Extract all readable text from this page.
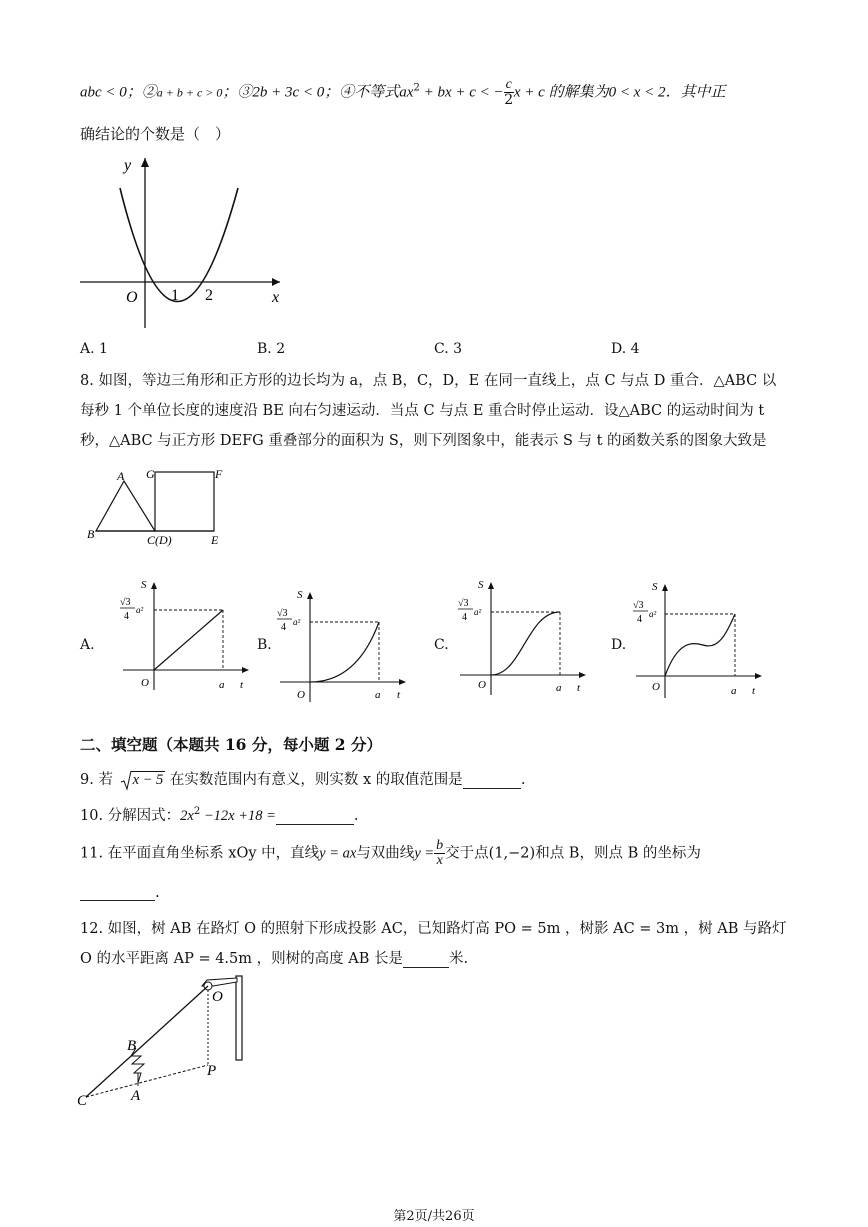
abc < 0；②a + b + c > 0；③2b + 3c < 0；④不等式$ax^2$ + bx + c < − $\frac{c}{2}$ x + c 的解集为0 < x < 2．其中正
确结论的个数是（　）
y
x
O 1 2
A. 1	B. 2	C. 3	D. 4
8. 如图，等边三角形和正方形的边长均为 a，点 B，C，D，E 在同一直线上，点 C 与点 D 重合．△ABC 以
每秒 1 个单位长度的速度沿 BE 向右匀速运动．当点 C 与点 E 重合时停止运动．设△ABC 的运动时间为 t
秒，△ABC 与正方形 DEFG 重叠部分的面积为 S，则下列图象中，能表示 S 与 t 的函数关系的图象大致是
A
B	C(D)	E
F
G
A.	B.	C.	D.
S
√3
4
a²
O	a t
S
√3
4 a²
O	a t
S
√3
4 a²
O	a t
S
√3
4 a²
O	a t
二、填空题（本题共 16 分，每小题 2 分）
9. 若 x − 5 在实数范围内有意义，则实数 x 的取值范围是	.
10. 分解因式：$2x^2 -12x +18$ =	.
11. 在平面直角坐标系 xOy 中，直线y = ax与双曲线$y = \frac{b}{x}$ 交于点(1,−2)和点 B，则点 B 的坐标为
.
12. 如图，树 AB 在路灯 O 的照射下形成投影 AC，已知路灯高 PO = 5m ，树影 AC = 3m ，树 AB 与路灯
O 的水平距离 AP = 4.5m ，则树的高度 AB 长是	米.
O
B
P
C	A
第2页/共26页
